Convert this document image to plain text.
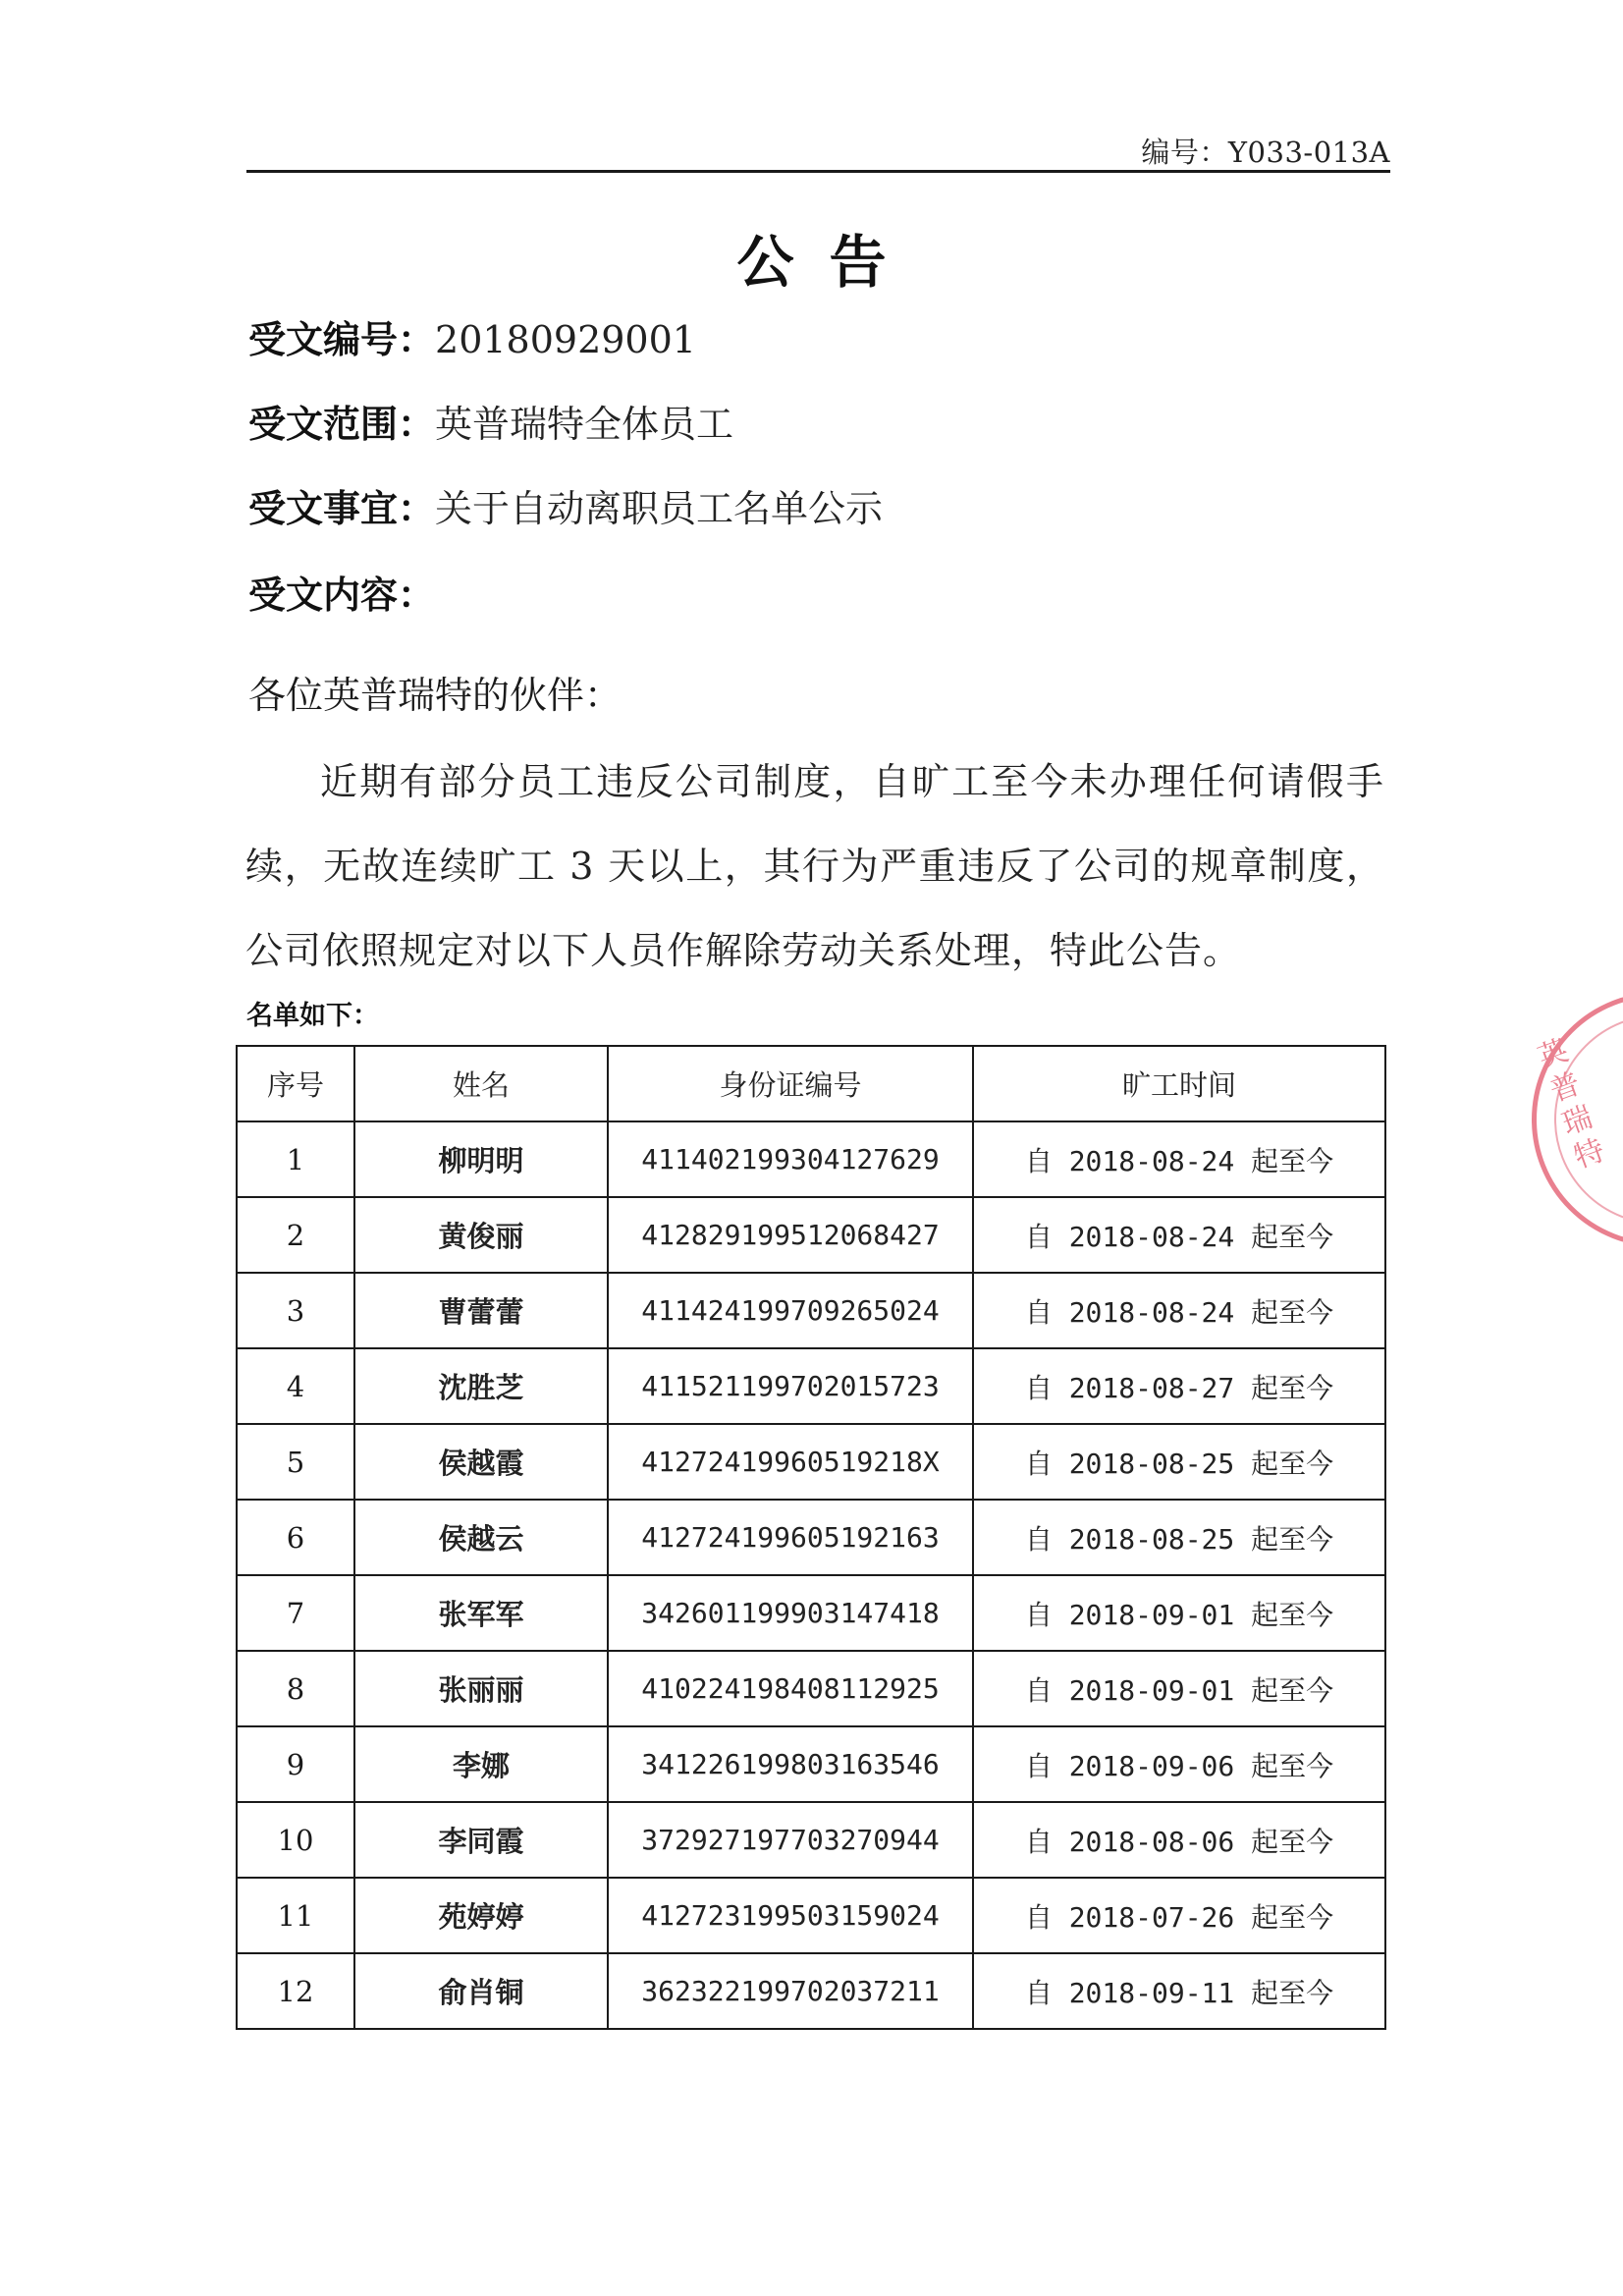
编号：Y033-013A
公告
受文编号：20180929001
受文范围：英普瑞特全体员工
受文事宜：关于自动离职员工名单公示
受文内容：
各位英普瑞特的伙伴：
近期有部分员工违反公司制度，自旷工至今未办理任何请假手续，无故连续旷工 3 天以上，其行为严重违反了公司的规章制度，公司依照规定对以下人员作解除劳动关系处理，特此公告。
名单如下：
序号	姓名	身份证编号	旷工时间
1	柳明明	411402199304127629	自 2018-08-24 起至今
2	黄俊丽	412829199512068427	自 2018-08-24 起至今
3	曹蕾蕾	411424199709265024	自 2018-08-24 起至今
4	沈胜芝	411521199702015723	自 2018-08-27 起至今
5	侯越霞	41272419960519218X	自 2018-08-25 起至今
6	侯越云	412724199605192163	自 2018-08-25 起至今
7	张军军	342601199903147418	自 2018-09-01 起至今
8	张丽丽	410224198408112925	自 2018-09-01 起至今
9	李娜	341226199803163546	自 2018-09-06 起至今
10	李同霞	372927197703270944	自 2018-08-06 起至今
11	苑婷婷	412723199503159024	自 2018-07-26 起至今
12	俞肖铜	362322199702037211	自 2018-09-11 起至今
英普瑞特
